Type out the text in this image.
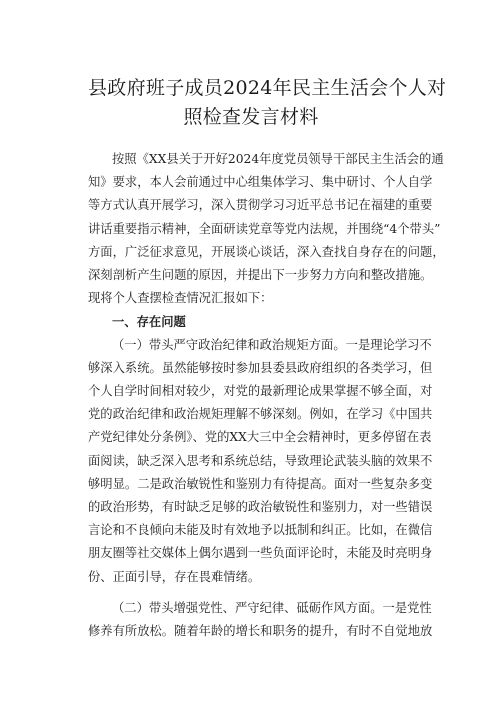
县政府班子成员2024年民主生活会个人对
照检查发言材料

按照《XX县关于开好2024年度党员领导干部民主生活会的通
知》要求，本人会前通过中心组集体学习、集中研讨、个人自学
等方式认真开展学习，深入贯彻学习习近平总书记在福建的重要
讲话重要指示精神，全面研读党章等党内法规，并围绕“4个带头”
方面，广泛征求意见，开展谈心谈话，深入查找自身存在的问题，
深刻剖析产生问题的原因，并提出下一步努力方向和整改措施。
现将个人查摆检查情况汇报如下：

一、存在问题

（一）带头严守政治纪律和政治规矩方面。一是理论学习不
够深入系统。虽然能够按时参加县委县政府组织的各类学习，但
个人自学时间相对较少，对党的最新理论成果掌握不够全面，对
党的政治纪律和政治规矩理解不够深刻。例如，在学习《中国共
产党纪律处分条例》、党的XX大三中全会精神时，更多停留在表
面阅读，缺乏深入思考和系统总结，导致理论武装头脑的效果不
够明显。二是政治敏锐性和鉴别力有待提高。面对一些复杂多变
的政治形势，有时缺乏足够的政治敏锐性和鉴别力，对一些错误
言论和不良倾向未能及时有效地予以抵制和纠正。比如，在微信
朋友圈等社交媒体上偶尔遇到一些负面评论时，未能及时亮明身
份、正面引导，存在畏难情绪。

（二）带头增强党性、严守纪律、砥砺作风方面。一是党性
修养有所放松。随着年龄的增长和职务的提升，有时不自觉地放
